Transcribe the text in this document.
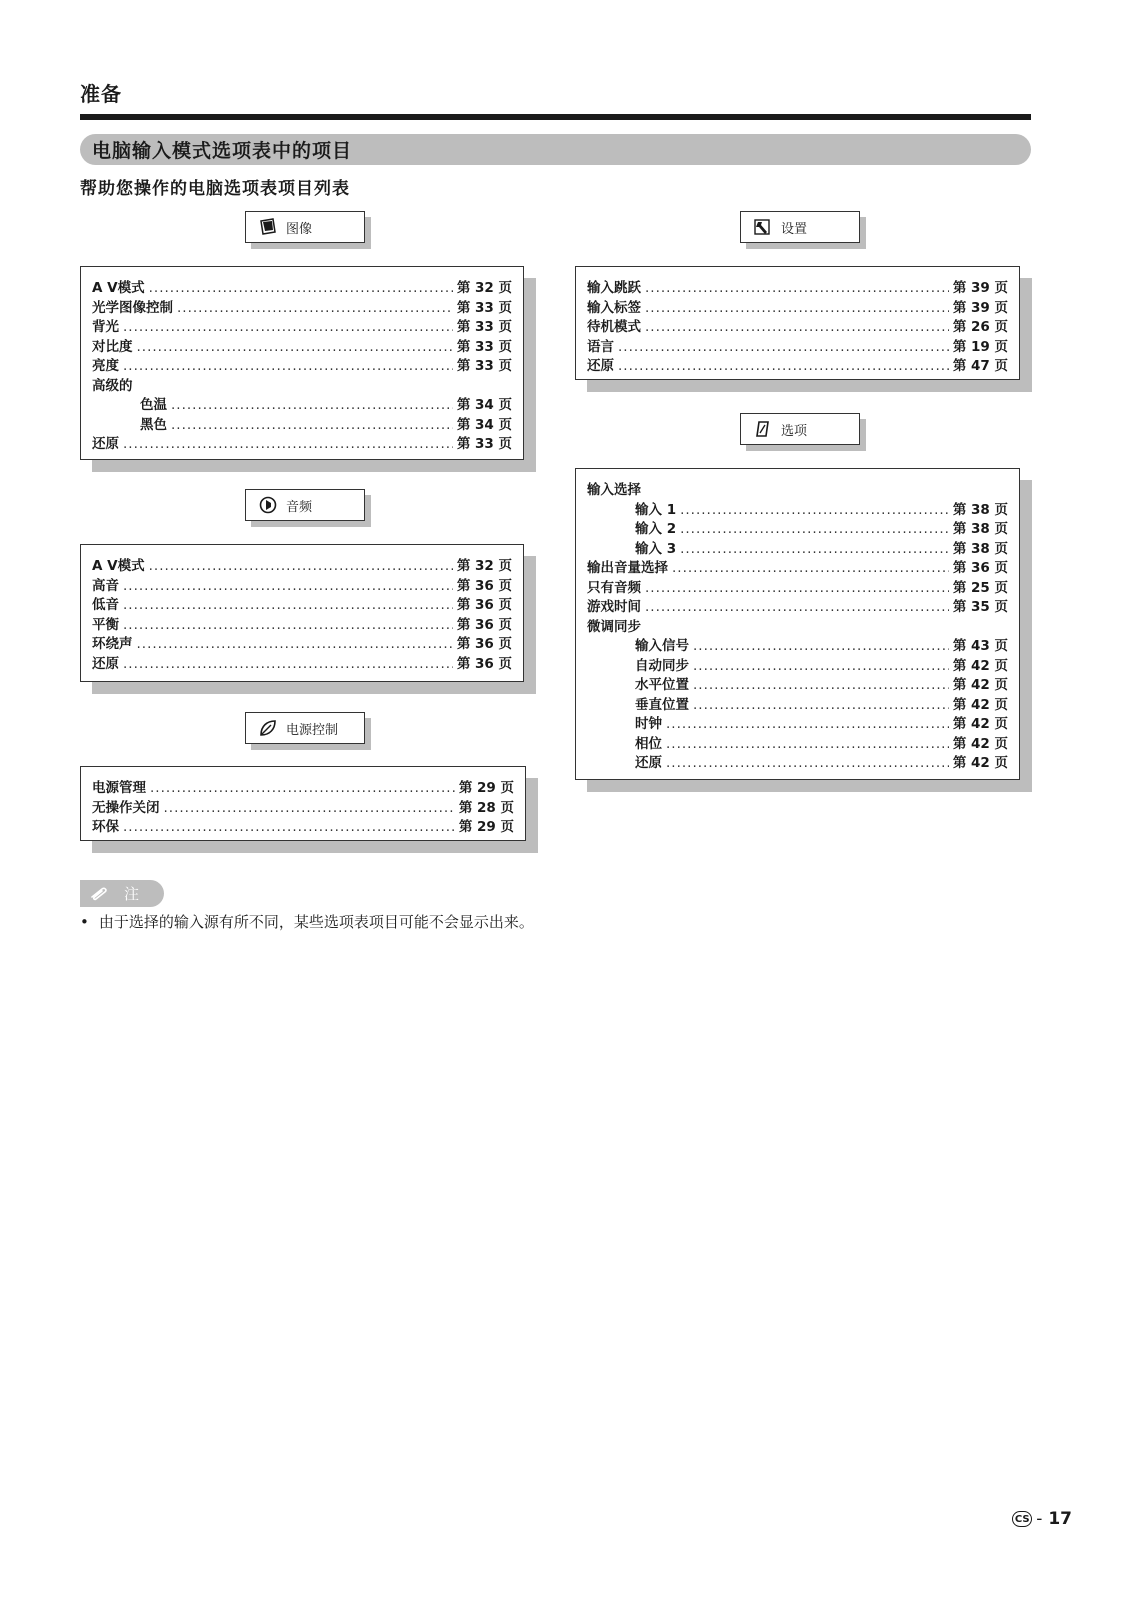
准备
电脑输入模式选项表中的项目
帮助您操作的电脑选项表项目列表
图像
A V模式 .....	第 32 页
光学图像控制 .....	第 33 页
背光 .....	第 33 页
对比度 .....	第 33 页
亮度 .....	第 33 页
高级的
色温 .....	第 34 页
黑色 .....	第 34 页
还原 .....	第 33 页
音频
A V模式 .....	第 32 页
高音 .....	第 36 页
低音 .....	第 36 页
平衡 .....	第 36 页
环绕声 .....	第 36 页
还原 .....	第 36 页
电源控制
电源管理 .....	第 29 页
无操作关闭 .....	第 28 页
环保 .....	第 29 页
设置
输入跳跃 .....	第 39 页
输入标签 .....	第 39 页
待机模式 .....	第 26 页
语言 .....	第 19 页
还原 .....	第 47 页
选项
输入选择
输入 1 .....	第 38 页
输入 2 .....	第 38 页
输入 3 .....	第 38 页
输出音量选择 .....	第 36 页
只有音频 .....	第 25 页
游戏时间 .....	第 35 页
微调同步
输入信号 .....	第 43 页
自动同步 .....	第 42 页
水平位置 .....	第 42 页
垂直位置 .....	第 42 页
时钟 .....	第 42 页
相位 .....	第 42 页
还原 .....	第 42 页
注
• 由于选择的输入源有所不同，某些选项表项目可能不会显示出来。
CS - 17
